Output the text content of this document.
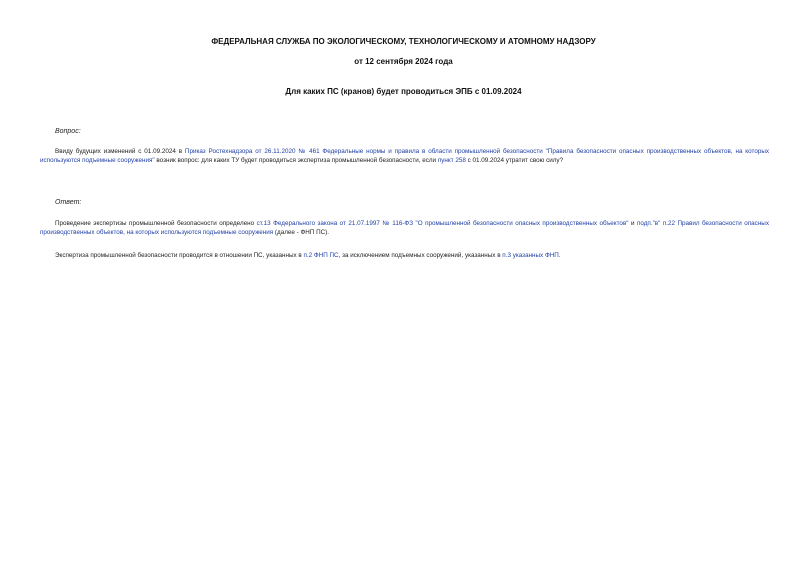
ФЕДЕРАЛЬНАЯ СЛУЖБА ПО ЭКОЛОГИЧЕСКОМУ, ТЕХНОЛОГИЧЕСКОМУ И АТОМНОМУ НАДЗОРУ
от 12 сентября 2024 года
Для каких ПС (кранов) будет проводиться ЭПБ с 01.09.2024
Вопрос:
Ввиду будущих изменений с 01.09.2024 в Приказ Ростехнадзора от 26.11.2020 № 461 Федеральные нормы и правила в области промышленной безопасности "Правила безопасности опасных производственных объектов, на которых используются подъемные сооружения" возник вопрос: для каких ТУ будет проводиться экспертиза промышленной безопасности, если пункт 258 с 01.09.2024 утратит свою силу?
Ответ:
Проведение экспертизы промышленной безопасности определено ст.13 Федерального закона от 21.07.1997 № 116-ФЗ "О промышленной безопасности опасных производственных объектов" и подп."в" п.22 Правил безопасности опасных производственных объектов, на которых используются подъемные сооружения (далее - ФНП ПС).
Экспертиза промышленной безопасности проводится в отношении ПС, указанных в п.2 ФНП ПС, за исключением подъемных сооружений, указанных в п.3 указанных ФНП.
